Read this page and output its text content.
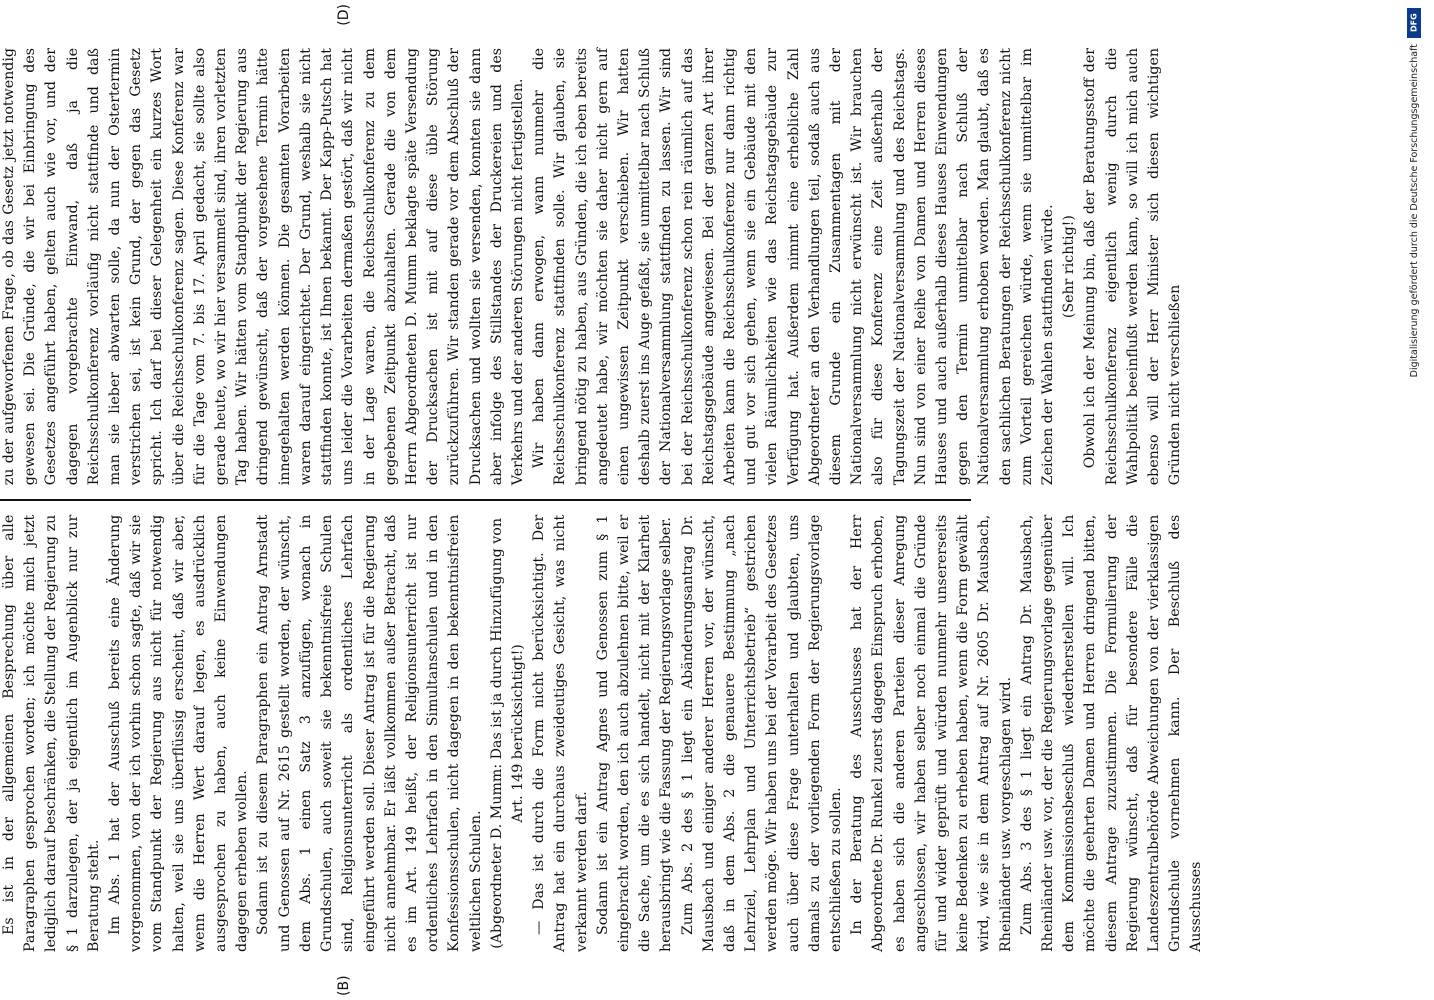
DFG
Digitalisierung gefördert durch die Deutsche Forschungsgemeinschaft

Es ist in der allgemeinen Besprechung über alle Paragraphen gesprochen worden; ich möchte mich jetzt lediglich darauf beschränken, die Stellung der Regierung zu § 1 darzulegen, der ja eigentlich im Augenblick nur zur Beratung steht. Im Abs. 1 hat der Ausschuß bereits eine Änderung vorgenommen, von der ich vorhin schon sagte, daß wir sie vom Standpunkt der Regierung aus nicht für notwendig halten, weil sie uns überflüssig erscheint, daß wir aber, wenn die Herren Wert darauf legen, es ausdrücklich ausgesprochen zu haben, auch keine Einwendungen dagegen erheben wollen. Sodann ist zu diesem Paragraphen ein Antrag Arnstadt und Genossen auf Nr. 2615 gestellt worden, der wünscht, dem Abs. 1 einen Satz 3 anzufügen, wonach in Grundschulen, auch soweit sie bekenntnisfreie Schulen sind, Religionsunterricht als ordentliches Lehrfach eingeführt werden soll. Dieser Antrag ist für die Regierung nicht annehmbar. Er läßt vollkommen außer Betracht, daß es im Art. 149 heißt, der Religionsunterricht ist nur ordentliches Lehrfach in den Simultanschulen und in den Konfessionsschulen, nicht dagegen in den bekenntnisfreien weltlichen Schulen. (Abgeordneter D. Mumm: Das ist ja durch Hinzufügung von Art. 149 berücksichtigt!) — Das ist durch die Form nicht berücksichtigt. Der Antrag hat ein durchaus zweideutiges Gesicht, was nicht verkannt werden darf. Sodann ist ein Antrag Agnes und Genossen zum § 1 eingebracht worden, den ich auch abzulehnen bitte, weil er die Sache, um die es sich handelt, nicht mit der Klarheit herausbringt wie die Fassung der Regierungsvorlage selber. Zum Abs. 2 des § 1 liegt ein Abänderungsantrag Dr. Mausbach und einiger anderer Herren vor, der wünscht, daß in dem Abs. 2 die genauere Bestimmung „nach Lehrziel, Lehrplan und Unterrichtsbetrieb“ gestrichen werden möge. Wir haben uns bei der Vorarbeit des Gesetzes auch über diese Frage unterhalten und glaubten, uns damals zu der vorliegenden Form der Regierungsvorlage entschließen zu sollen. In der Beratung des Ausschusses hat der Herr Abgeordnete Dr. Runkel zuerst dagegen Einspruch erhoben, es haben sich die anderen Parteien dieser Anregung angeschlossen, wir haben selber noch einmal die Gründe für und wider geprüft und würden nunmehr unsererseits keine Bedenken zu erheben haben, wenn die Form gewählt wird, wie sie in dem Antrag auf Nr. 2605 Dr. Mausbach, Rheinländer usw. vorgeschlagen wird. Zum Abs. 3 des § 1 liegt ein Antrag Dr. Mausbach, Rheinländer usw. vor, der die Regierungsvorlage gegenüber dem Kommissionsbeschluß wiederherstellen will. Ich möchte die geehrten Damen und Herren dringend bitten, diesem Antrage zuzustimmen. Die Formulierung der Regierung wünscht, daß für besondere Fälle die Landeszentralbehörde Abweichungen von der vierklassigen Grundschule vornehmen kann. Der Beschluß des Ausschusses

zu der aufgeworfenen Frage, ob das Gesetz jetzt notwendig gewesen sei. Die Gründe, die wir bei Einbringung des Gesetzes angeführt haben, gelten auch wie vor, und der dagegen vorgebrachte Einwand, daß ja die Reichsschulkonferenz vorläufig nicht stattfinde und daß man sie lieber abwarten solle, da nun der Ostertermin verstrichen sei, ist kein Grund, der gegen das Gesetz spricht. Ich darf bei dieser Gelegenheit ein kurzes Wort über die Reichsschulkonferenz sagen. Diese Konferenz war für die Tage vom 7. bis 17. April gedacht, sie sollte also gerade heute, wo wir hier versammelt sind, ihren vorletzten Tag haben. Wir hätten vom Standpunkt der Regierung aus dringend gewünscht, daß der vorgesehene Termin hätte innegehalten werden können. Die gesamten Vorarbeiten waren darauf eingerichtet. Der Grund, weshalb sie nicht stattfinden konnte, ist Ihnen bekannt. Der Kapp-Putsch hat uns leider die Vorarbeiten dermaßen gestört, daß wir nicht in der Lage waren, die Reichsschulkonferenz zu dem gegebenen Zeitpunkt abzuhalten. Gerade die von dem Herrn Abgeordneten D. Mumm beklagte späte Versendung der Drucksachen ist mit auf diese üble Störung zurückzuführen. Wir standen gerade vor dem Abschluß der Drucksachen und wollten sie versenden, konnten sie dann aber infolge des Stillstandes der Druckereien und des Verkehrs und der anderen Störungen nicht fertigstellen. Wir haben dann erwogen, wann nunmehr die Reichsschulkonferenz stattfinden solle. Wir glauben, sie bringend nötig zu haben, aus Gründen, die ich eben bereits angedeutet habe, wir möchten sie daher nicht gern auf einen ungewissen Zeitpunkt verschieben. Wir hatten deshalb zuerst ins Auge gefaßt, sie unmittelbar nach Schluß der Nationalversammlung stattfinden zu lassen. Wir sind bei der Reichsschulkonferenz schon rein räumlich auf das Reichstagsgebäude angewiesen. Bei der ganzen Art ihrer Arbeiten kann die Reichsschulkonferenz nur dann richtig und gut vor sich gehen, wenn sie ein Gebäude mit den vielen Räumlichkeiten wie das Reichstagsgebäude zur Verfügung hat. Außerdem nimmt eine erhebliche Zahl Abgeordneter an den Verhandlungen teil, sodaß auch aus diesem Grunde ein Zusammentagen mit der Nationalversammlung nicht erwünscht ist. Wir brauchen also für diese Konferenz eine Zeit außerhalb der Tagungszeit der Nationalversammlung und des Reichstags. Nun sind von einer Reihe von Damen und Herren dieses Hauses und auch außerhalb dieses Hauses Einwendungen gegen den Termin unmittelbar nach Schluß der Nationalversammlung erhoben worden. Man glaubt, daß es den sachlichen Beratungen der Reichsschulkonferenz nicht zum Vorteil gereichen würde, wenn sie unmittelbar im Zeichen der Wahlen stattfinden würde. (Sehr richtig!) Obwohl ich der Meinung bin, daß der Beratungsstoff der Reichsschulkonferenz eigentlich wenig durch die Wahlpolitik beeinflußt werden kann, so will ich mich auch ebenso will der Herr Minister sich diesen wichtigen Gründen nicht verschließen

(B)
(D)
